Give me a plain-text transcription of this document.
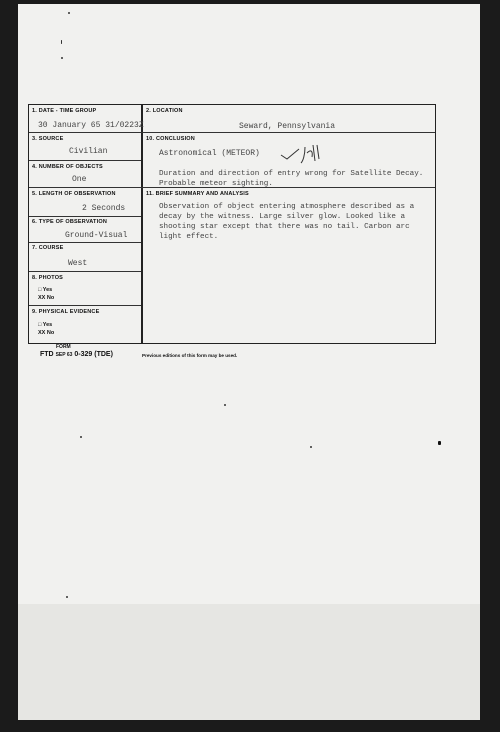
1. DATE - TIME GROUP
30 January 65 31/0223Z
3. SOURCE
Civilian
4. NUMBER OF OBJECTS
One
5. LENGTH OF OBSERVATION
2 Seconds
6. TYPE OF OBSERVATION
Ground-Visual
7. COURSE
West
8. PHOTOS
□ Yes
XX No
9. PHYSICAL EVIDENCE
□ Yes
XX No
2. LOCATION
Seward, Pennsylvania
10. CONCLUSION
Astronomical (METEOR)
Duration and direction of entry wrong for Satellite Decay.
Probable meteor sighting.
11. BRIEF SUMMARY AND ANALYSIS
Observation of object entering atmosphere described as a
decay by the witness. Large silver glow. Looked like a
shooting star except that there was no tail. Carbon arc
light effect.
FORM
FTD SEP 63 0-329 (TDE)	Previous editions of this form may be used.
